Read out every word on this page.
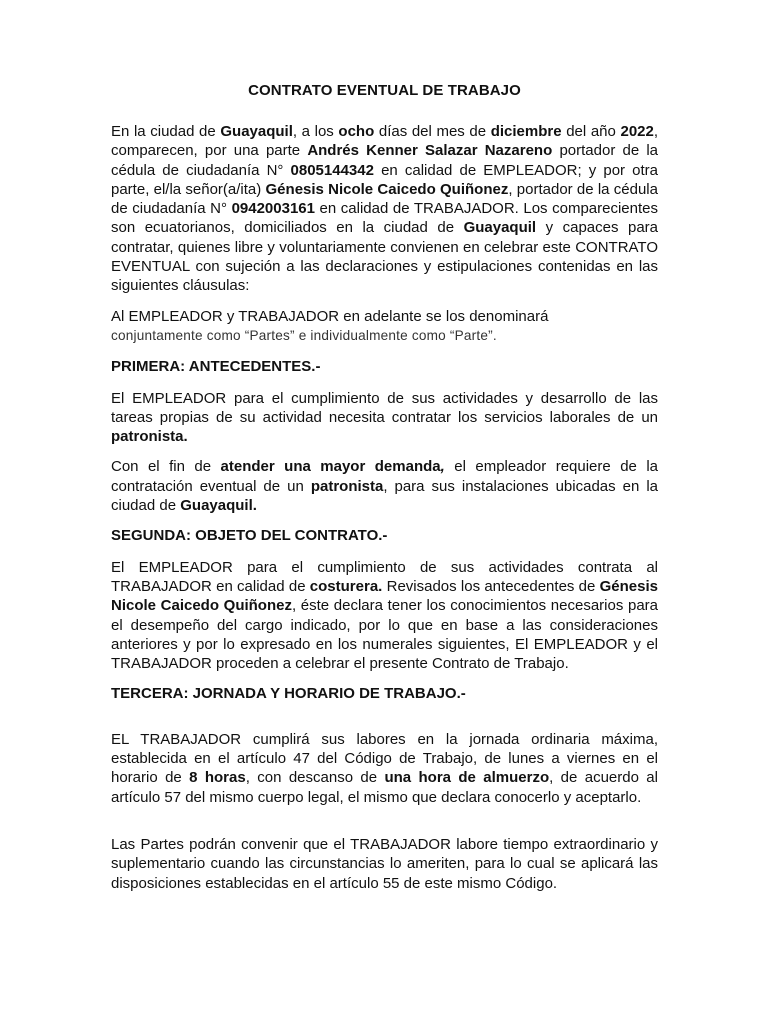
CONTRATO EVENTUAL DE TRABAJO

En la ciudad de Guayaquil, a los ocho días del mes de diciembre del año 2022, comparecen, por una parte Andrés Kenner Salazar Nazareno portador de la cédula de ciudadanía N° 0805144342 en calidad de EMPLEADOR; y por otra parte, el/la señor(a/ita) Génesis Nicole Caicedo Quiñonez, portador de la cédula de ciudadanía N° 0942003161 en calidad de TRABAJADOR. Los comparecientes son ecuatorianos, domiciliados en la ciudad de Guayaquil y capaces para contratar, quienes libre y voluntariamente convienen en celebrar este CONTRATO EVENTUAL con sujeción a las declaraciones y estipulaciones contenidas en las siguientes cláusulas:

Al EMPLEADOR y TRABAJADOR en adelante se los denominará
conjuntamente como “Partes” e individualmente como “Parte”.

PRIMERA: ANTECEDENTES.-

El EMPLEADOR para el cumplimiento de sus actividades y desarrollo de las tareas propias de su actividad necesita contratar los servicios laborales de un patronista.

Con el fin de atender una mayor demanda, el empleador requiere de la contratación eventual de un patronista, para sus instalaciones ubicadas en la ciudad de Guayaquil.

SEGUNDA: OBJETO DEL CONTRATO.-

El EMPLEADOR para el cumplimiento de sus actividades contrata al TRABAJADOR en calidad de costurera. Revisados los antecedentes de Génesis Nicole Caicedo Quiñonez, éste declara tener los conocimientos necesarios para el desempeño del cargo indicado, por lo que en base a las consideraciones anteriores y por lo expresado en los numerales siguientes, El EMPLEADOR y el TRABAJADOR proceden a celebrar el presente Contrato de Trabajo.

TERCERA: JORNADA Y HORARIO DE TRABAJO.-

EL TRABAJADOR cumplirá sus labores en la jornada ordinaria máxima, establecida en el artículo 47 del Código de Trabajo, de lunes a viernes en el horario de 8 horas, con descanso de una hora de almuerzo, de acuerdo al artículo 57 del mismo cuerpo legal, el mismo que declara conocerlo y aceptarlo.

Las Partes podrán convenir que el TRABAJADOR labore tiempo extraordinario y suplementario cuando las circunstancias lo ameriten, para lo cual se aplicará las disposiciones establecidas en el artículo 55 de este mismo Código.
